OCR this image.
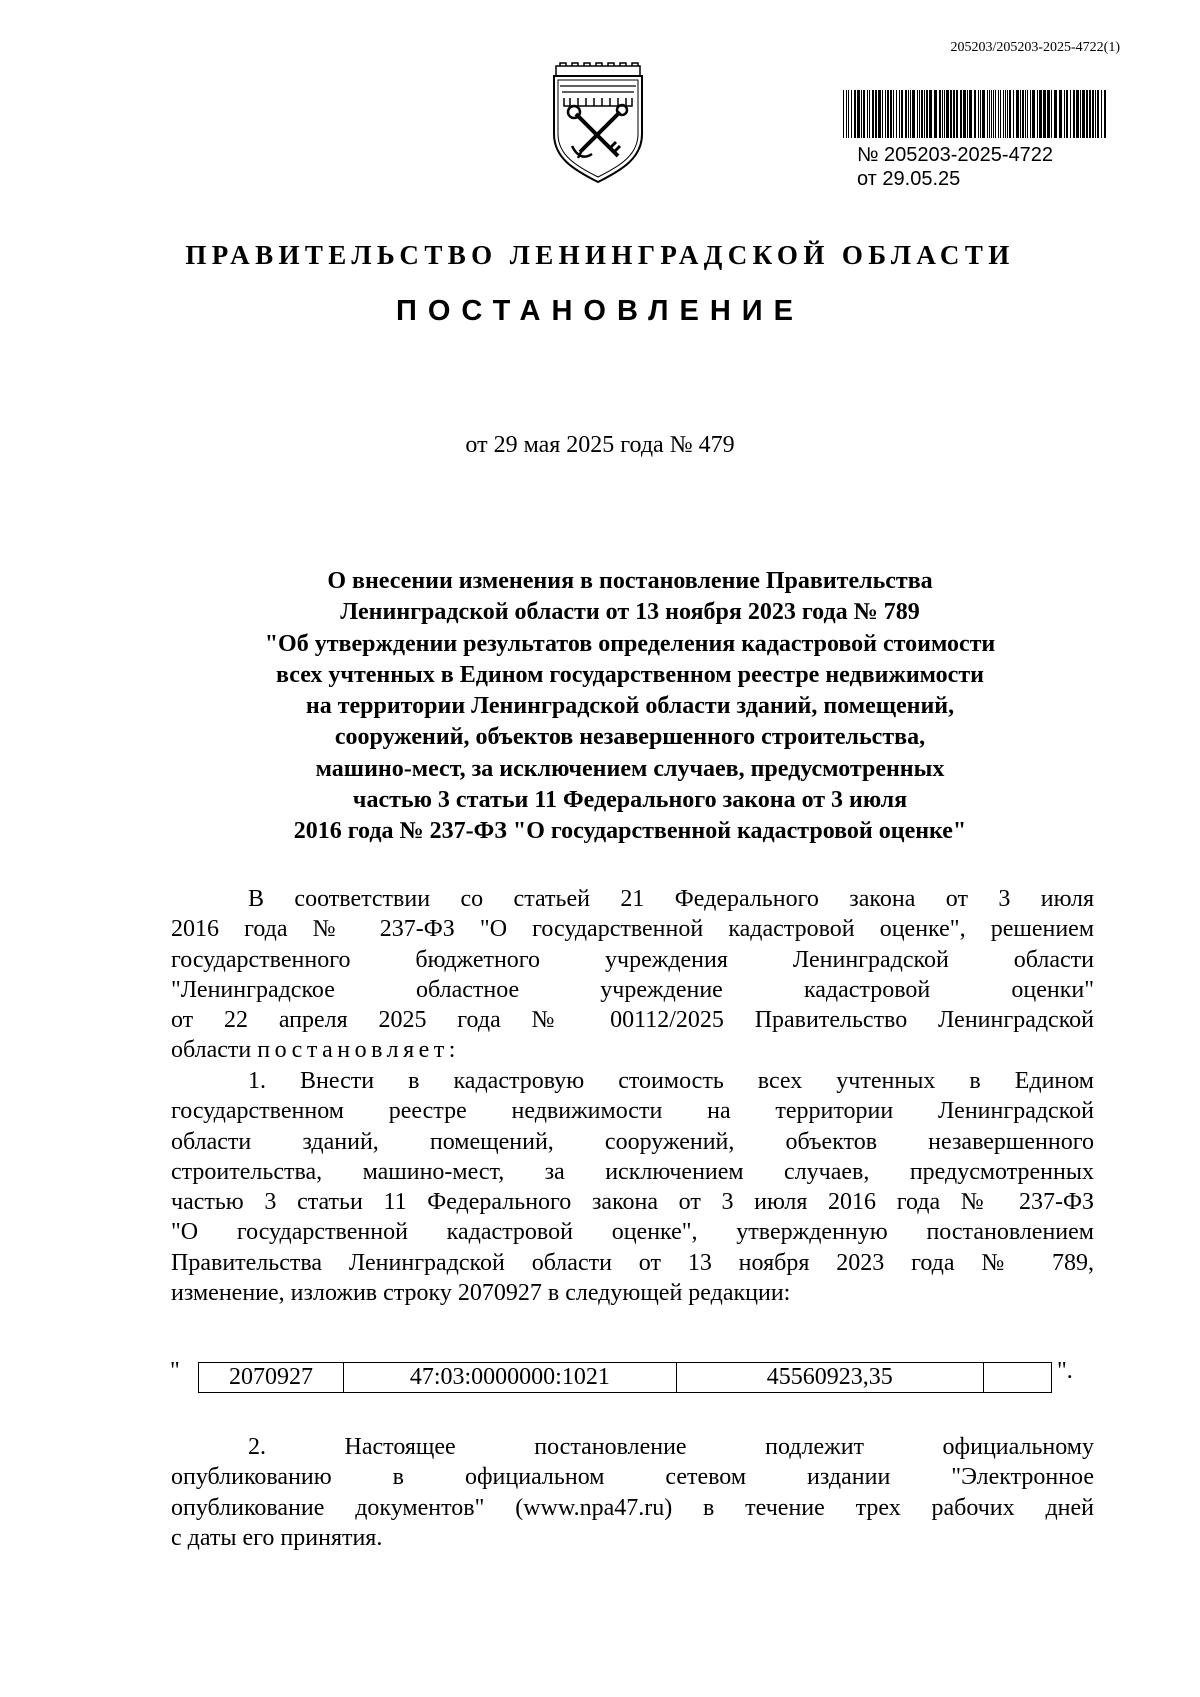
205203/205203-2025-4722(1)
№ 205203-2025-4722
от 29.05.25
ПРАВИТЕЛЬСТВО ЛЕНИНГРАДСКОЙ ОБЛАСТИ
ПОСТАНОВЛЕНИЕ
от 29 мая 2025 года № 479
О внесении изменения в постановление Правительства
Ленинградской области от 13 ноября 2023 года № 789
"Об утверждении результатов определения кадастровой стоимости
всех учтенных в Едином государственном реестре недвижимости
на территории Ленинградской области зданий, помещений,
сооружений, объектов незавершенного строительства,
машино-мест, за исключением случаев, предусмотренных
частью 3 статьи 11 Федерального закона от 3 июля
2016 года № 237-ФЗ "О государственной кадастровой оценке"
В соответствии со статьей 21 Федерального закона от 3 июля
2016 года № 237-ФЗ "О государственной кадастровой оценке", решением
государственного бюджетного учреждения Ленинградской области
"Ленинградское областное учреждение кадастровой оценки"
от 22 апреля 2025 года № 00112/2025 Правительство Ленинградской
области постановляет:
1. Внести в кадастровую стоимость всех учтенных в Едином
государственном реестре недвижимости на территории Ленинградской
области зданий, помещений, сооружений, объектов незавершенного
строительства, машино-мест, за исключением случаев, предусмотренных
частью 3 статьи 11 Федерального закона от 3 июля 2016 года № 237-ФЗ
"О государственной кадастровой оценке", утвержденную постановлением
Правительства Ленинградской области от 13 ноября 2023 года № 789,
изменение, изложив строку 2070927 в следующей редакции:
" 2070927	47:03:0000000:1021	45560923,35		".
2. Настоящее постановление подлежит официальному
опубликованию в официальном сетевом издании "Электронное
опубликование документов" (www.npa47.ru) в течение трех рабочих дней
с даты его принятия.
